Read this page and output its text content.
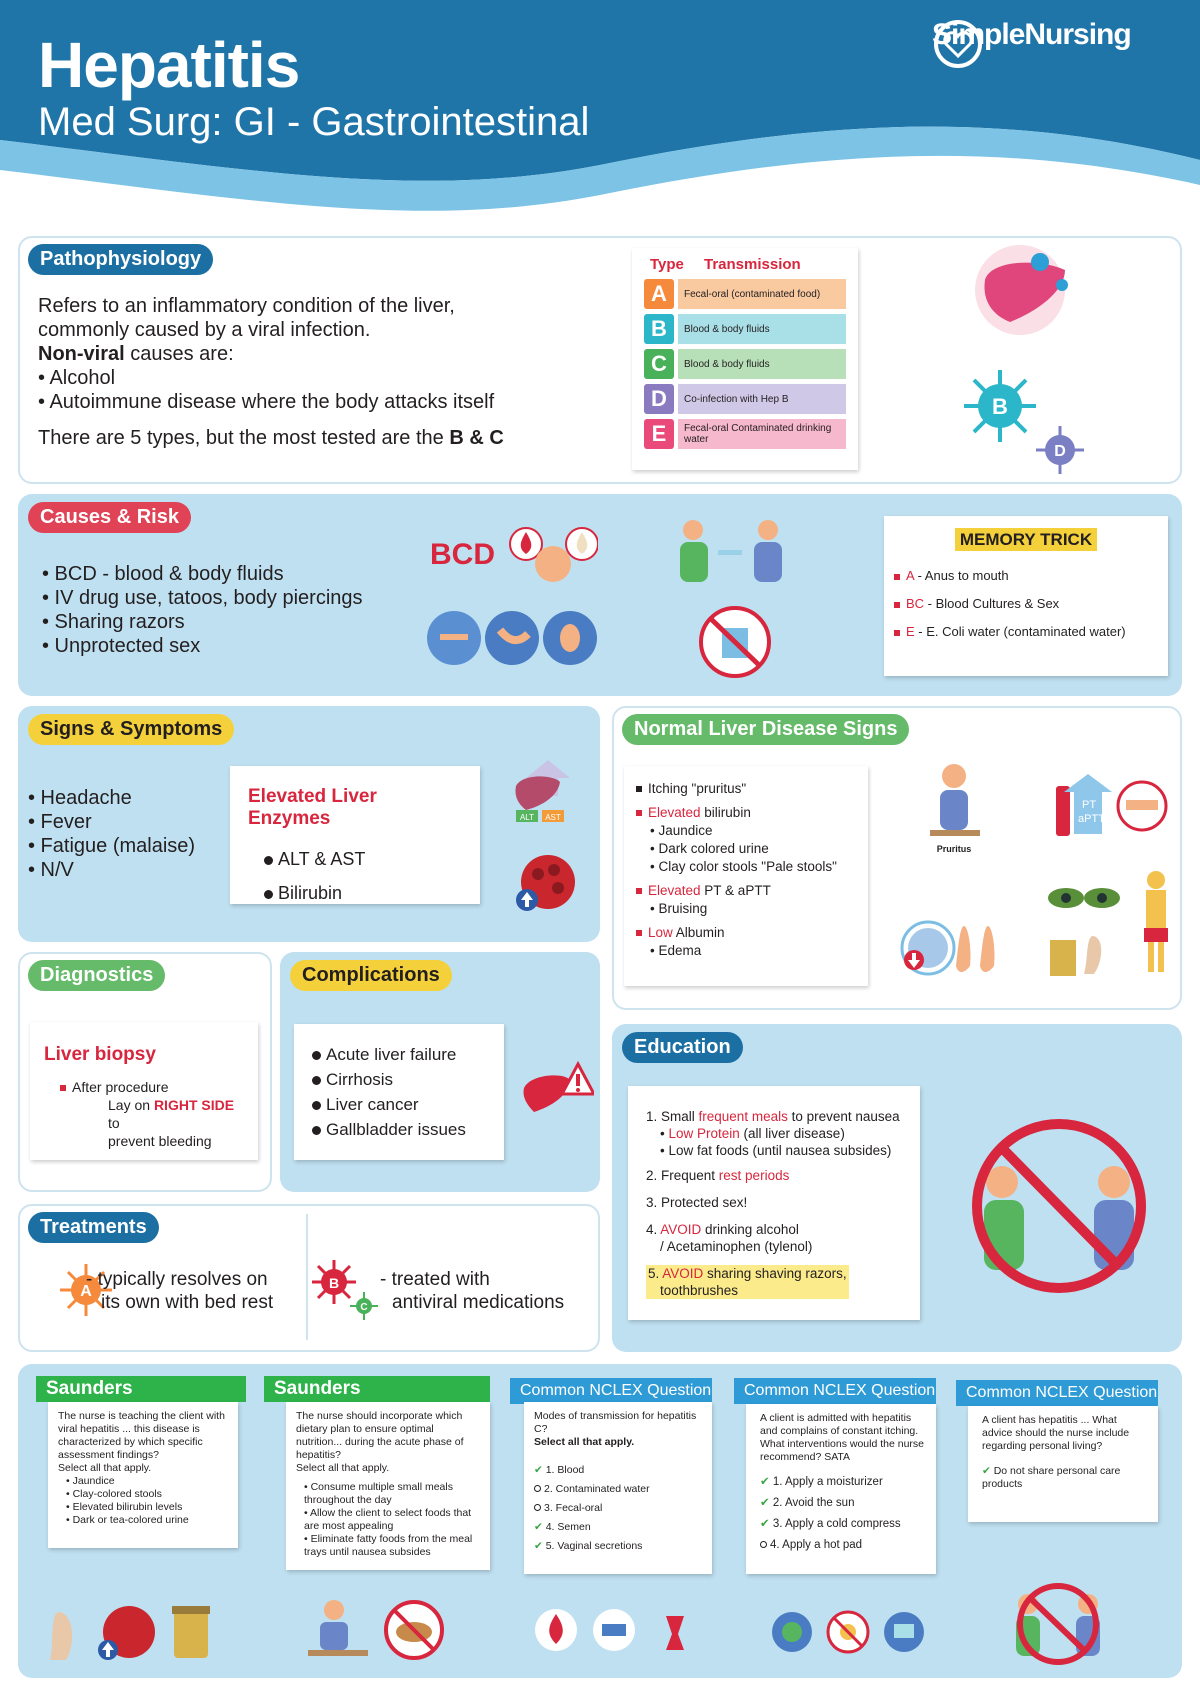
Hepatitis
Med Surg: GI - Gastrointestinal
SimpleNursing
Pathophysiology
Refers to an inflammatory condition of the liver, commonly caused by a viral infection.
Non-viral causes are:
• Alcohol
• Autoimmune disease where the body attacks itself
There are 5 types, but the most tested are the B & C
Type	Transmission
A	Fecal-oral (contaminated food)
B	Blood & body fluids
C	Blood & body fluids
D	Co-infection with Hep B
E	Fecal-oral Contaminated drinking water
B
D
Causes & Risk
• BCD - blood & body fluids
• IV drug use, tatoos, body piercings
• Sharing razors
• Unprotected sex
BCD	MEMORY TRICK
A - Anus to mouth
BC - Blood Cultures & Sex
E - E. Coli water (contaminated water)
Signs & Symptoms
• Headache
• Fever
• Fatigue (malaise)
• N/V
Elevated Liver Enzymes
ALT & AST
Bilirubin
ALT AST
Normal Liver Disease Signs
Itching "pruritus"
Elevated bilirubin
• Jaundice
• Dark colored urine
• Clay color stools "Pale stools"
Elevated PT & aPTT
• Bruising
Low Albumin
• Edema
Pruritus
PT
aPTT
Diagnostics
Liver biopsy
After procedure
Lay on RIGHT SIDE to
prevent bleeding
Complications
Acute liver failure
Cirrhosis
Liver cancer
Gallbladder issues
Education
1. Small frequent meals to prevent nausea
• Low Protein (all liver disease)
• Low fat foods (until nausea subsides)
2. Frequent rest periods
3. Protected sex!
4. AVOID drinking alcohol
/ Acetaminophen (tylenol)
5. AVOID sharing shaving razors,
toothbrushes
Treatments
A
- typically resolves on
its own with bed rest
B
C
- treated with
antiviral medications
Saunders
The nurse is teaching the client with viral hepatitis ... this disease is characterized by which specific assessment findings?
Select all that apply.
• Jaundice
• Clay-colored stools
• Elevated bilirubin levels
• Dark or tea-colored urine
Saunders
The nurse should incorporate which dietary plan to ensure optimal nutrition... during the acute phase of hepatitis?
Select all that apply.
• Consume multiple small meals throughout the day
• Allow the client to select foods that are most appealing
• Eliminate fatty foods from the meal trays until nausea subsides
Common NCLEX Question
Modes of transmission for hepatitis C?
Select all that apply.
✔ 1. Blood
2. Contaminated water
3. Fecal-oral
✔ 4. Semen
✔ 5. Vaginal secretions
Common NCLEX Question
A client is admitted with hepatitis and complains of constant itching. What interventions would the nurse recommend? SATA
✔ 1. Apply a moisturizer
✔ 2. Avoid the sun
✔ 3. Apply a cold compress
4. Apply a hot pad
Common NCLEX Question
A client has hepatitis ... What advice should the nurse include regarding personal living?
✔ Do not share personal care products
